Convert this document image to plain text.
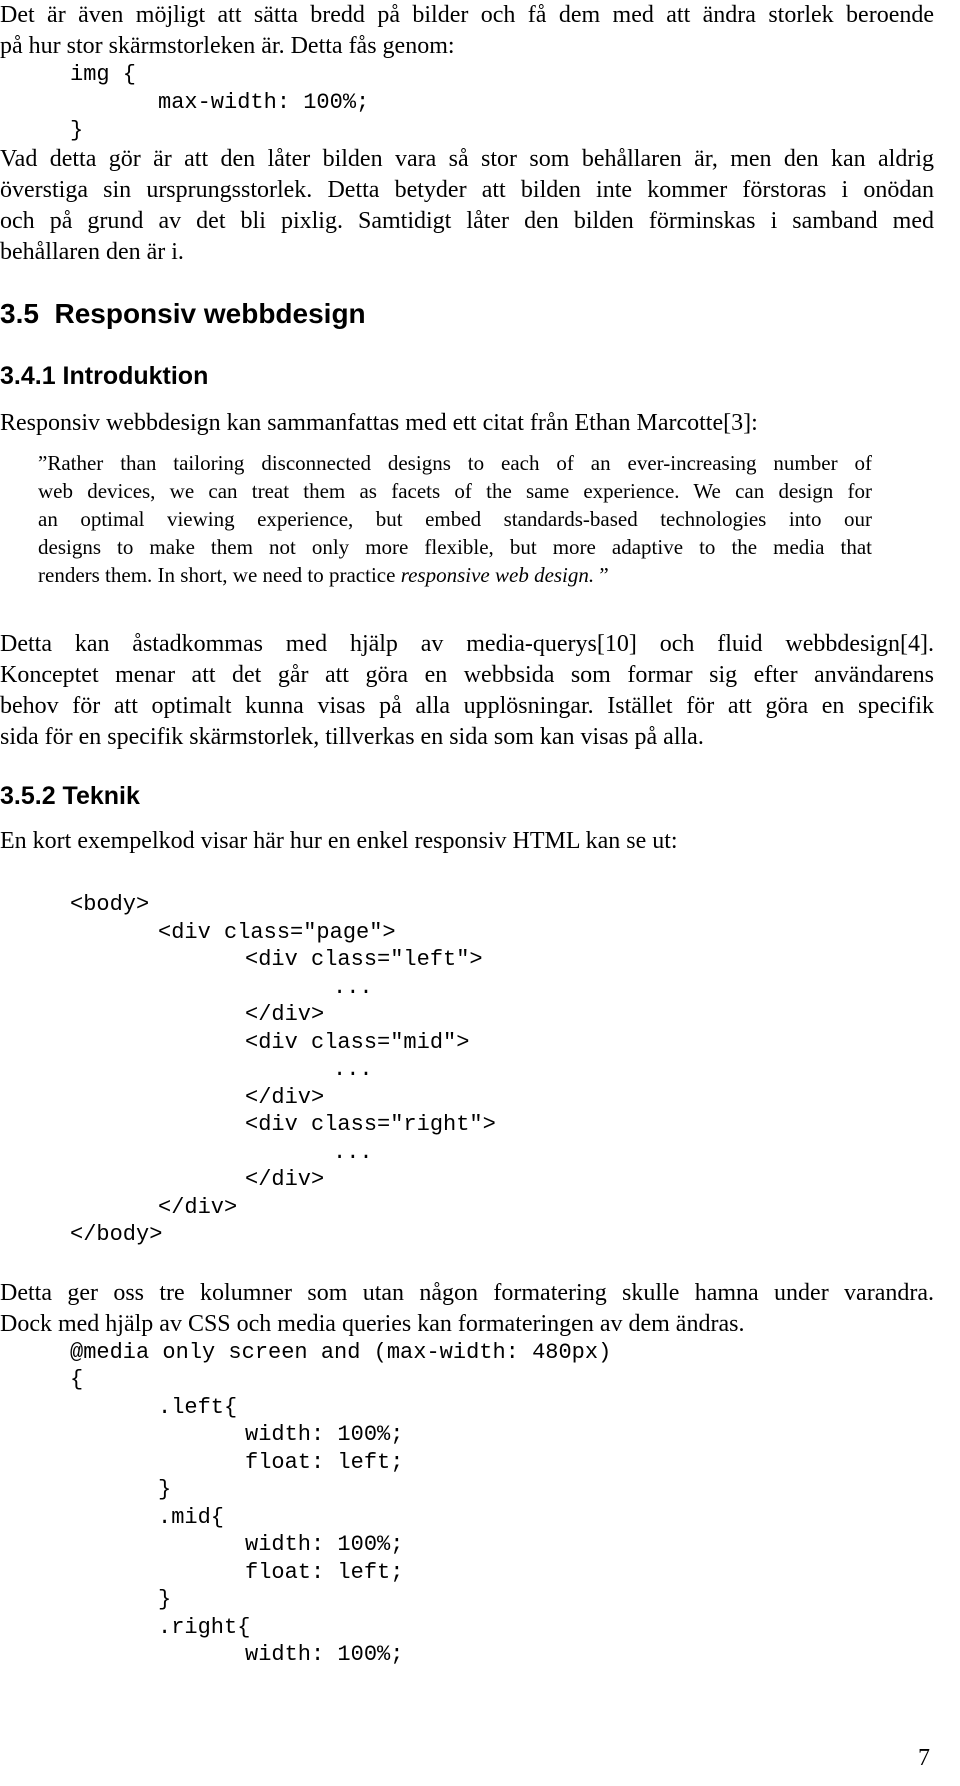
Det är även möjligt att sätta bredd på bilder och få dem med att ändra storlek beroende
på hur stor skärmstorleken är. Detta fås genom:
img {
max-width: 100%;
}
Vad detta gör är att den låter bilden vara så stor som behållaren är, men den kan aldrig
överstiga sin ursprungsstorlek. Detta betyder att bilden inte kommer förstoras i onödan
och på grund av det bli pixlig. Samtidigt låter den bilden förminskas i samband med
behållaren den är i.
3.5  Responsiv webbdesign
3.4.1 Introduktion
Responsiv webbdesign kan sammanfattas med ett citat från Ethan Marcotte[3]:
”Rather than tailoring disconnected designs to each of an ever-increasing number of
web devices, we can treat them as facets of the same experience. We can design for
an optimal viewing experience, but embed standards-based technologies into our
designs to make them not only more flexible, but more adaptive to the media that
renders them. In short, we need to practice responsive web design. ”
Detta kan åstadkommas med hjälp av media-querys[10] och fluid webbdesign[4].
Konceptet menar att det går att göra en webbsida som formar sig efter användarens
behov för att optimalt kunna visas på alla upplösningar. Istället för att göra en specifik
sida för en specifik skärmstorlek, tillverkas en sida som kan visas på alla.
3.5.2 Teknik
En kort exempelkod visar här hur en enkel responsiv HTML kan se ut:
<body>
<div class="page">
<div class="left">
...
</div>
<div class="mid">
...
</div>
<div class="right">
...
</div>
</div>
</body>
Detta ger oss tre kolumner som utan någon formatering skulle hamna under varandra.
Dock med hjälp av CSS och media queries kan formateringen av dem ändras.
@media only screen and (max-width: 480px)
{
.left{
width: 100%;
float: left;
}
.mid{
width: 100%;
float: left;
}
.right{
width: 100%;
7
